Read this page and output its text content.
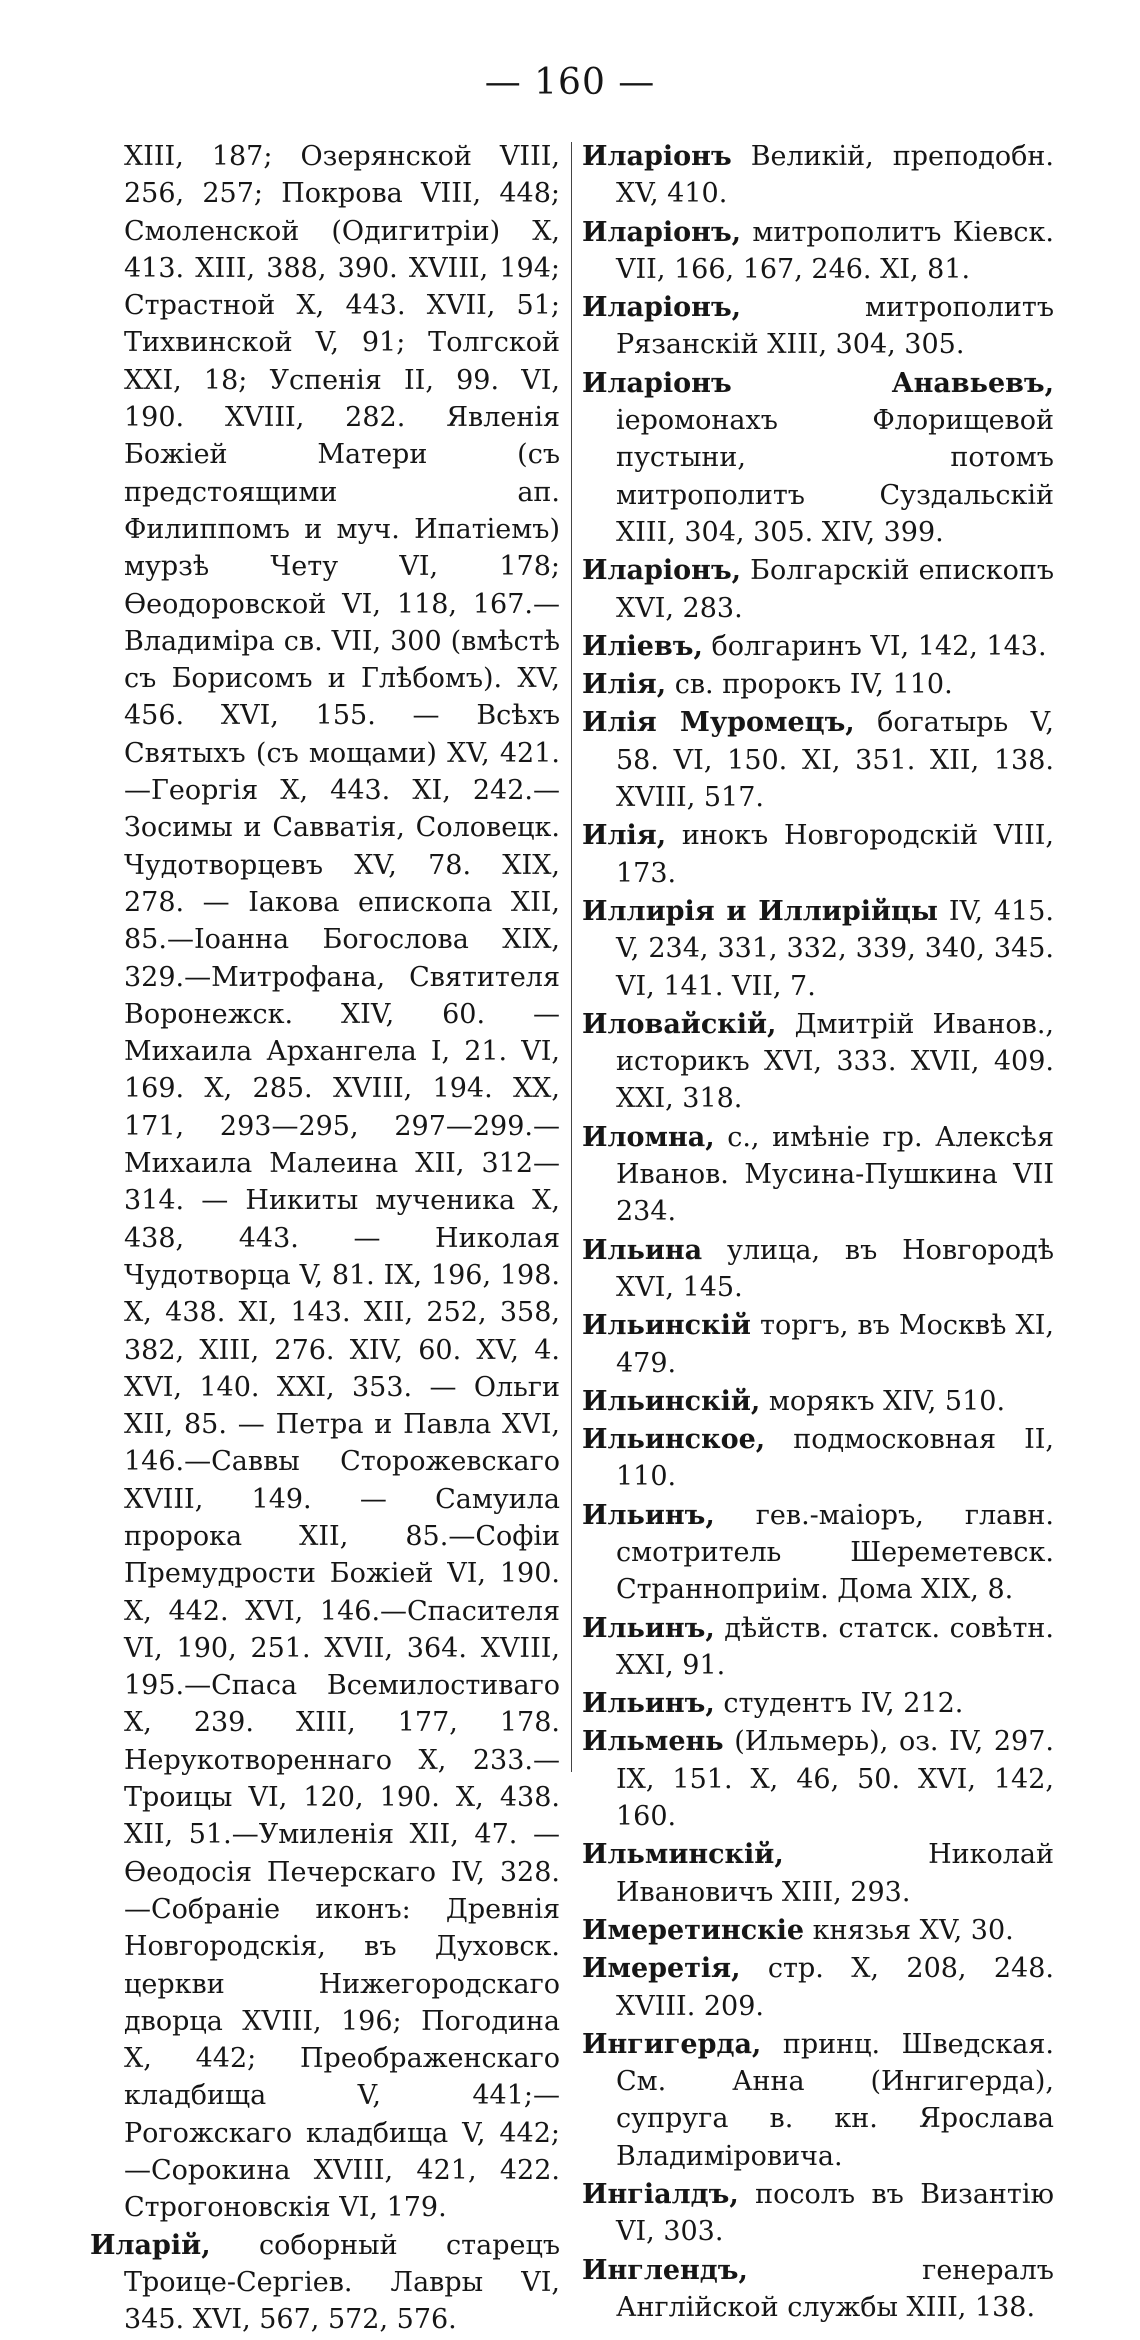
— 160 —
XIII, 187; Озерянской VIII, 256, 257; Покрова VIII, 448; Смоленской (Одигитріи) X, 413. XIII, 388, 390. XVIII, 194; Страстной X, 443. XVII, 51; Тихвинской V, 91; Толгской XXI, 18; Успенія II, 99. VI, 190. XVIII, 282. Явленія Божіей Матери (съ предстоящими ап. Филиппомъ и муч. Ипатіемъ) мурзѣ Чету VI, 178; Ѳеодоровской VI, 118, 167.—Владиміра св. VII, 300 (вмѣстѣ съ Борисомъ и Глѣбомъ). XV, 456. XVI, 155. — Всѣхъ Святыхъ (съ мощами) XV, 421.—Георгія X, 443. XI, 242.—Зосимы и Савватія, Соловецк. Чудотворцевъ XV, 78. XIX, 278. — Іакова епископа XII, 85.—Іоанна Богослова XIX, 329.—Митрофана, Святителя Воронежск. XIV, 60. — Михаила Архангела I, 21. VI, 169. X, 285. XVIII, 194. XX, 171, 293—295, 297—299.—Михаила Малеина XII, 312—314. — Никиты мученика X, 438, 443. — Николая Чудотворца V, 81. IX, 196, 198. X, 438. XI, 143. XII, 252, 358, 382, XIII, 276. XIV, 60. XV, 4. XVI, 140. XXI, 353. — Ольги XII, 85. — Петра и Павла XVI, 146.—Саввы Сторожевскаго XVIII, 149. — Самуила пророка XII, 85.—Софіи Премудрости Божіей VI, 190. X, 442. XVI, 146.—Спасителя VI, 190, 251. XVII, 364. XVIII, 195.—Спаса Всемилостиваго X, 239. XIII, 177, 178. Нерукотвореннаго X, 233.—Троицы VI, 120, 190. X, 438. XII, 51.—Умиленія XII, 47. — Ѳеодосія Печерскаго IV, 328.—Собраніе иконъ: Древнія Новгородскія, въ Духовск. церкви Нижегородскаго дворца XVIII, 196; Погодина X, 442; Преображенскаго кладбища V, 441;—Рогожскаго кладбища V, 442;—Сорокина XVIII, 421, 422. Строгоновскія VI, 179.
Иларій, соборный старецъ Троице-Сергіев. Лавры VI, 345. XVI, 567, 572, 576.
Иларіонъ Великій, преподобн. XV, 410.
Иларіонъ, митрополитъ Кіевск. VII, 166, 167, 246. XI, 81.
Иларіонъ, митрополитъ Рязанскій XIII, 304, 305.
Иларіонъ Анавьевъ, іеромонахъ Флорищевой пустыни, потомъ митрополитъ Суздальскій XIII, 304, 305. XIV, 399.
Иларіонъ, Болгарскій епископъ XVI, 283.
Иліевъ, болгаринъ VI, 142, 143.
Илія, св. пророкъ IV, 110.
Илія Муромецъ, богатырь V, 58. VI, 150. XI, 351. XII, 138. XVIII, 517.
Илія, инокъ Новгородскій VIII, 173.
Иллирія и Иллирійцы IV, 415. V, 234, 331, 332, 339, 340, 345. VI, 141. VII, 7.
Иловайскій, Дмитрій Иванов., историкъ XVI, 333. XVII, 409. XXI, 318.
Иломна, с., имѣніе гр. Алексѣя Иванов. Мусина-Пушкина VII 234.
Ильина улица, въ Новгородѣ XVI, 145.
Ильинскій торгъ, въ Москвѣ XI, 479.
Ильинскій, морякъ XIV, 510.
Ильинское, подмосковная II, 110.
Ильинъ, гев.-маіоръ, главн. смотритель Шереметевск. Странноприім. Дома XIX, 8.
Ильинъ, дѣйств. статск. совѣтн. XXI, 91.
Ильинъ, студентъ IV, 212.
Ильмень (Ильмерь), оз. IV, 297. IX, 151. X, 46, 50. XVI, 142, 160.
Ильминскій, Николай Ивановичъ XIII, 293.
Имеретинскіе князья XV, 30.
Имеретія, стр. X, 208, 248. XVIII. 209.
Ингигерда, принц. Шведская. См. Анна (Ингигерда), супруга в. кн. Ярослава Владиміровича.
Ингіалдъ, посолъ въ Византію VI, 303.
Инглендъ, генералъ Англійской службы XIII, 138.
